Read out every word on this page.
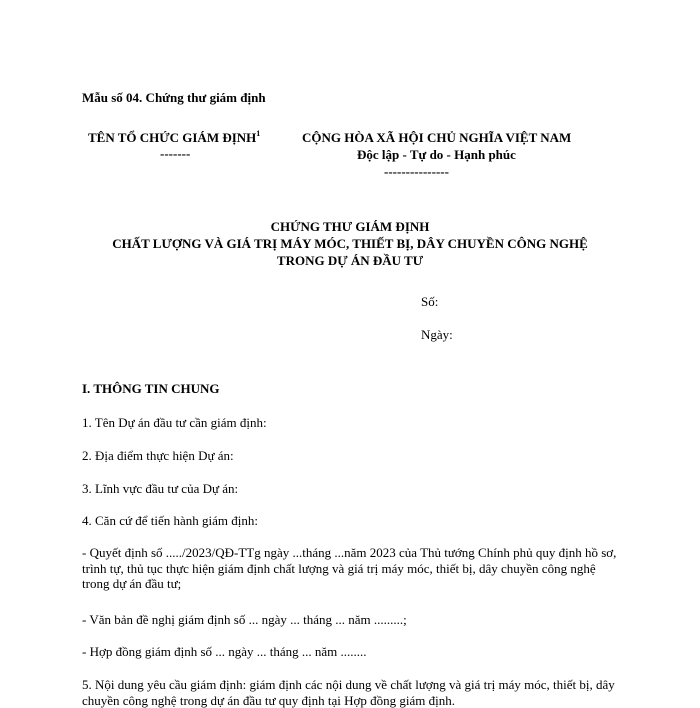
Mẫu số 04. Chứng thư giám định
TÊN TỔ CHỨC GIÁM ĐỊNH$^1$
-------
CỘNG HÒA XÃ HỘI CHỦ NGHĨA VIỆT NAM
Độc lập - Tự do - Hạnh phúc
---------------
CHỨNG THƯ GIÁM ĐỊNH
CHẤT LƯỢNG VÀ GIÁ TRỊ MÁY MÓC, THIẾT BỊ, DÂY CHUYỀN CÔNG NGHỆ
TRONG DỰ ÁN ĐẦU TƯ
Số:
Ngày:
I. THÔNG TIN CHUNG
1. Tên Dự án đầu tư cần giám định:
2. Địa điểm thực hiện Dự án:
3. Lĩnh vực đầu tư của Dự án:
4. Căn cứ để tiến hành giám định:
- Quyết định số ...../2023/QĐ-TTg ngày ...tháng ...năm 2023 của Thủ tướng Chính phủ quy định hồ sơ, trình tự, thủ tục thực hiện giám định chất lượng và giá trị máy móc, thiết bị, dây chuyền công nghệ trong dự án đầu tư;
- Văn bản đề nghị giám định số ... ngày ... tháng ... năm .........;
- Hợp đồng giám định số ... ngày ... tháng ... năm ........
5. Nội dung yêu cầu giám định: giám định các nội dung về chất lượng và giá trị máy móc, thiết bị, dây chuyền công nghệ trong dự án đầu tư quy định tại Hợp đồng giám định.
